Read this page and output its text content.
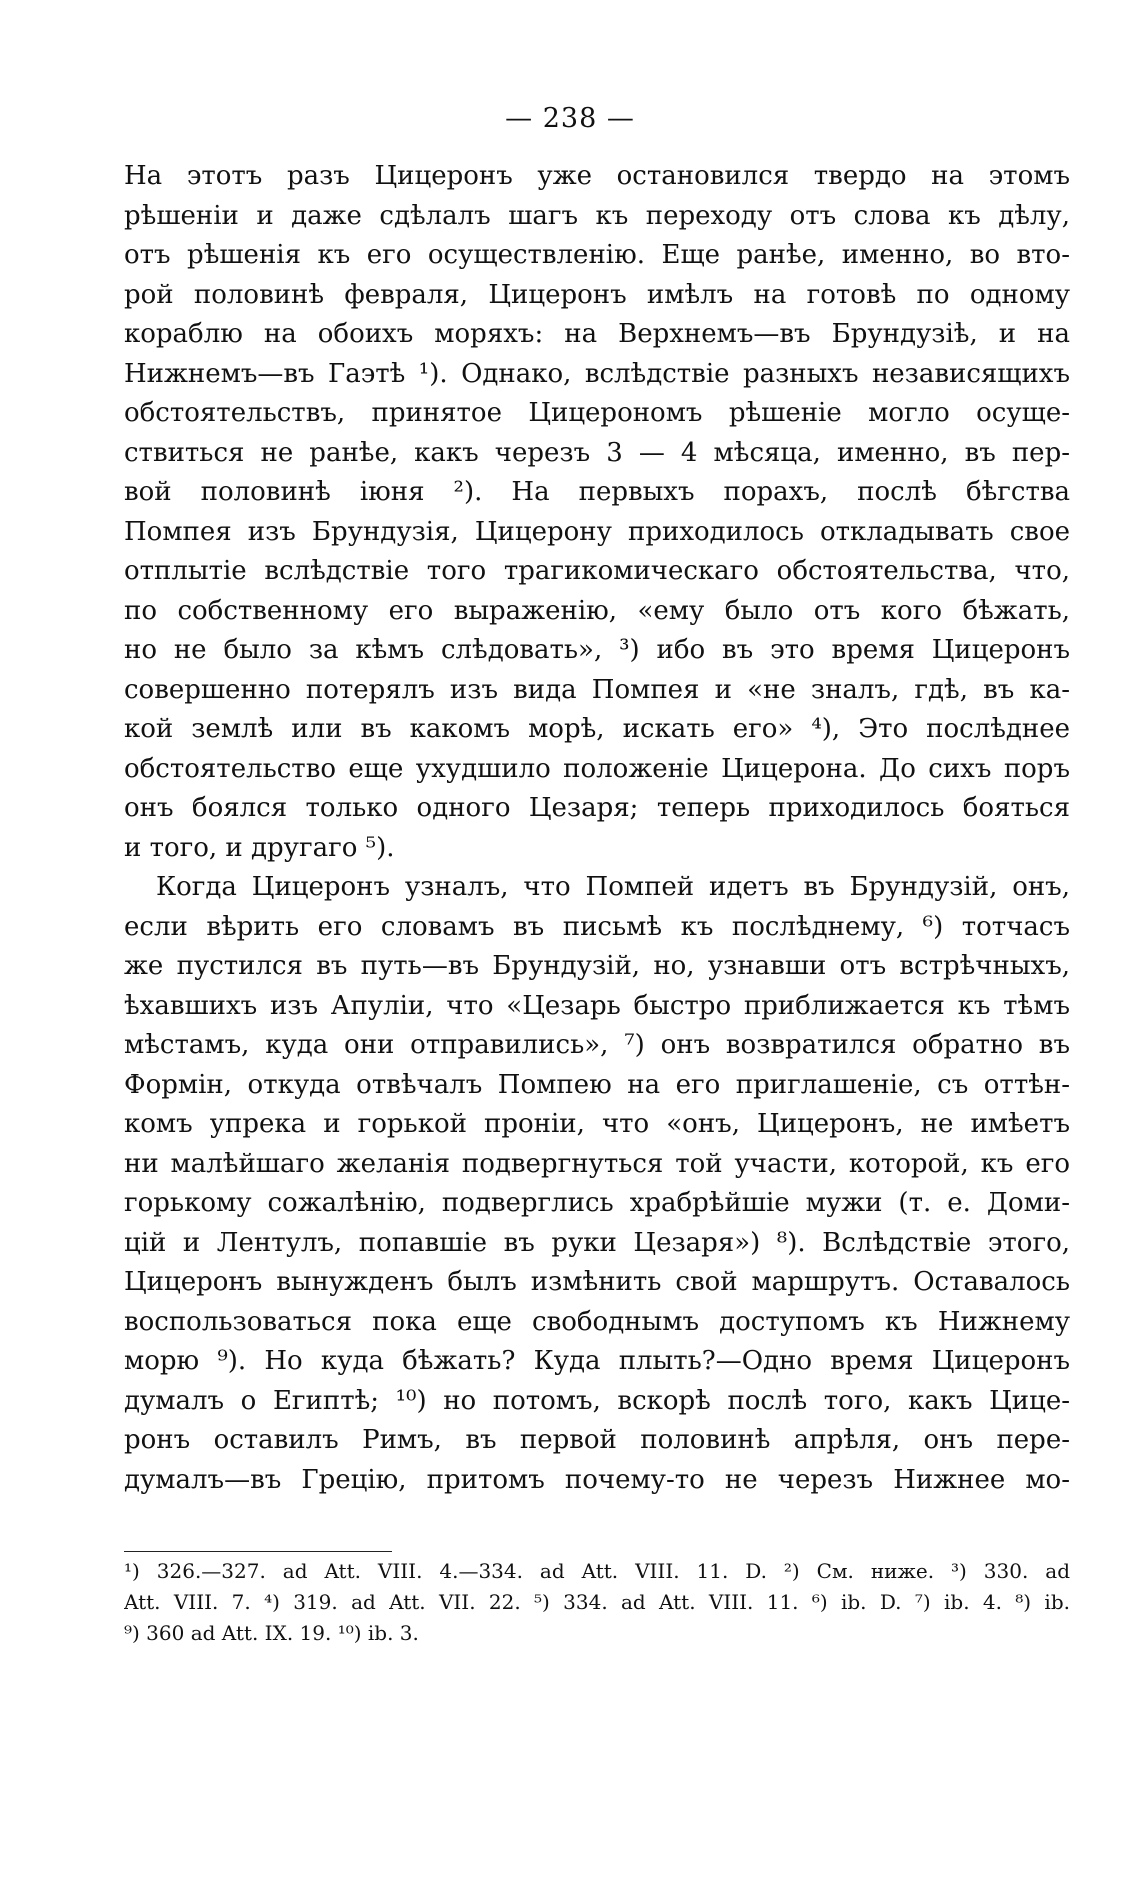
— 238 —
На этотъ разъ Цицеронъ уже остановился твердо на этомъ
рѣшеніи и даже сдѣлалъ шагъ къ переходу отъ слова къ дѣлу,
отъ рѣшенія къ его осуществленію. Еще ранѣе, именно, во вто-
рой половинѣ февраля, Цицеронъ имѣлъ на готовѣ по одному
кораблю на обоихъ моряхъ: на Верхнемъ—въ Брундузіѣ, и на
Нижнемъ—въ Гаэтѣ ¹). Однако, вслѣдствіе разныхъ независящихъ
обстоятельствъ, принятое Цицерономъ рѣшеніе могло осуще-
ствиться не ранѣе, какъ черезъ 3 — 4 мѣсяца, именно, въ пер-
вой половинѣ іюня ²). На первыхъ порахъ, послѣ бѣгства
Помпея изъ Брундузія, Цицерону приходилось откладывать свое
отплытіе вслѣдствіе того трагикомическаго обстоятельства, что,
по собственному его выраженію, «ему было отъ кого бѣжать,
но не было за кѣмъ слѣдовать», ³) ибо въ это время Цицеронъ
совершенно потерялъ изъ вида Помпея и «не зналъ, гдѣ, въ ка-
кой землѣ или въ какомъ морѣ, искать его» ⁴), Это послѣднее
обстоятельство еще ухудшило положеніе Цицерона. До сихъ поръ
онъ боялся только одного Цезаря; теперь приходилось бояться
и того, и другаго ⁵).
Когда Цицеронъ узналъ, что Помпей идетъ въ Брундузій, онъ,
если вѣрить его словамъ въ письмѣ къ послѣднему, ⁶) тотчасъ
же пустился въ путь—въ Брундузій, но, узнавши отъ встрѣчныхъ,
ѣхавшихъ изъ Апуліи, что «Цезарь быстро приближается къ тѣмъ
мѣстамъ, куда они отправились», ⁷) онъ возвратился обратно въ
Формін, откуда отвѣчалъ Помпею на его приглашеніе, съ оттѣн-
комъ упрека и горькой проніи, что «онъ, Цицеронъ, не имѣетъ
ни малѣйшаго желанія подвергнуться той участи, которой, къ его
горькому сожалѣнію, подверглись храбрѣйшіе мужи (т. е. Доми-
цій и Лентулъ, попавшіе въ руки Цезаря») ⁸). Вслѣдствіе этого,
Цицеронъ вынужденъ былъ измѣнить свой маршрутъ. Оставалось
воспользоваться пока еще свободнымъ доступомъ къ Нижнему
морю ⁹). Но куда бѣжать? Куда плыть?—Одно время Цицеронъ
думалъ о Египтѣ; ¹⁰) но потомъ, вскорѣ послѣ того, какъ Цице-
ронъ оставилъ Римъ, въ первой половинѣ апрѣля, онъ пере-
думалъ—въ Грецію, притомъ почему-то не черезъ Нижнее мо-
¹) 326.—327. ad Att. VIII. 4.—334. ad Att. VIII. 11. D. ²) См. ниже. ³) 330. ad
Att. VIII. 7. ⁴) 319. ad Att. VII. 22. ⁵) 334. ad Att. VIII. 11. ⁶) ib. D. ⁷) ib. 4. ⁸) ib.
⁹) 360 ad Att. IX. 19. ¹⁰) ib. 3.
